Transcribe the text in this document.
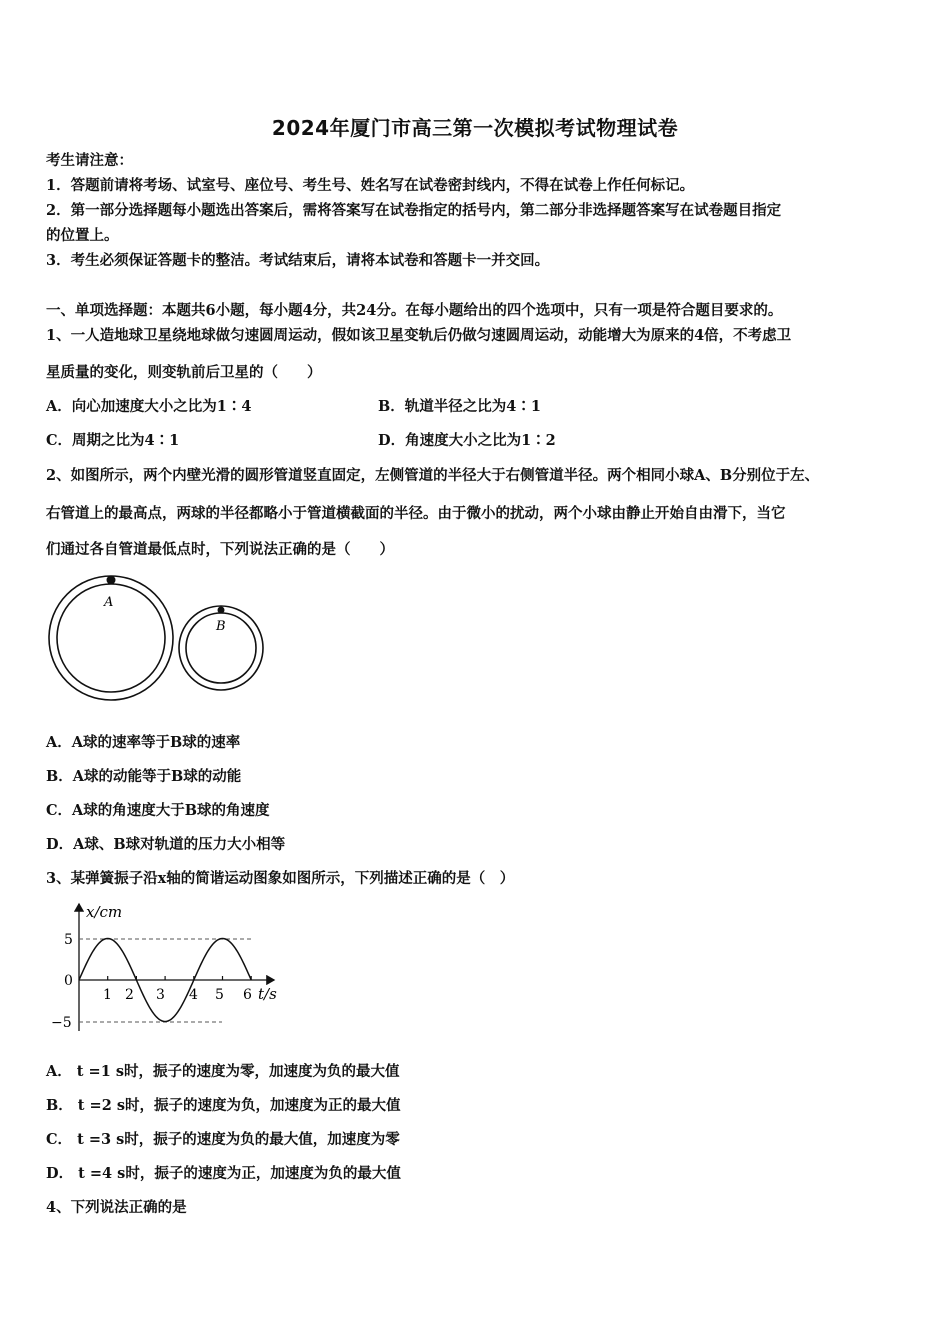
2024年厦门市高三第一次模拟考试物理试卷
考生请注意：
1．答题前请将考场、试室号、座位号、考生号、姓名写在试卷密封线内，不得在试卷上作任何标记。
2．第一部分选择题每小题选出答案后，需将答案写在试卷指定的括号内，第二部分非选择题答案写在试卷题目指定
的位置上。
3．考生必须保证答题卡的整洁。考试结束后，请将本试卷和答题卡一并交回。
一、单项选择题：本题共6小题，每小题4分，共24分。在每小题给出的四个选项中，只有一项是符合题目要求的。
1、一人造地球卫星绕地球做匀速圆周运动，假如该卫星变轨后仍做匀速圆周运动，动能增大为原来的4倍，不考虑卫
星质量的变化，则变轨前后卫星的（　　）
A．向心加速度大小之比为1∶4	B．轨道半径之比为4∶1
C．周期之比为4∶1	D．角速度大小之比为1∶2
2、如图所示，两个内壁光滑的圆形管道竖直固定，左侧管道的半径大于右侧管道半径。两个相同小球A、B分别位于左、
右管道上的最高点，两球的半径都略小于管道横截面的半径。由于微小的扰动，两个小球由静止开始自由滑下，当它
们通过各自管道最低点时，下列说法正确的是（　　）
A
B
A．A球的速率等于B球的速率
B．A球的动能等于B球的动能
C．A球的角速度大于B球的角速度
D．A球、B球对轨道的压力大小相等
3、某弹簧振子沿x轴的简谐运动图象如图所示，下列描述正确的是（　）
x/cm
5
0
−5
1 2 3 4 5 6 t/s
A． t =1 s时，振子的速度为零，加速度为负的最大值
B． t =2 s时，振子的速度为负，加速度为正的最大值
C． t =3 s时，振子的速度为负的最大值，加速度为零
D． t =4 s时，振子的速度为正，加速度为负的最大值
4、下列说法正确的是
